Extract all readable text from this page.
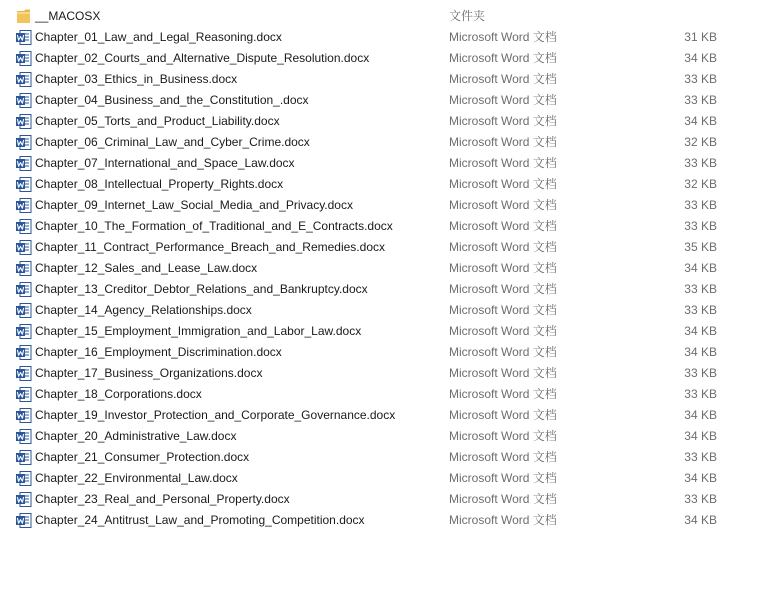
__MACOSX	文件夹
Chapter_01_Law_and_Legal_Reasoning.docx	Microsoft Word 文档	31 KB
Chapter_02_Courts_and_Alternative_Dispute_Resolution.docx	Microsoft Word 文档	34 KB
Chapter_03_Ethics_in_Business.docx	Microsoft Word 文档	33 KB
Chapter_04_Business_and_the_Constitution_.docx	Microsoft Word 文档	33 KB
Chapter_05_Torts_and_Product_Liability.docx	Microsoft Word 文档	34 KB
Chapter_06_Criminal_Law_and_Cyber_Crime.docx	Microsoft Word 文档	32 KB
Chapter_07_International_and_Space_Law.docx	Microsoft Word 文档	33 KB
Chapter_08_Intellectual_Property_Rights.docx	Microsoft Word 文档	32 KB
Chapter_09_Internet_Law_Social_Media_and_Privacy.docx	Microsoft Word 文档	33 KB
Chapter_10_The_Formation_of_Traditional_and_E_Contracts.docx	Microsoft Word 文档	33 KB
Chapter_11_Contract_Performance_Breach_and_Remedies.docx	Microsoft Word 文档	35 KB
Chapter_12_Sales_and_Lease_Law.docx	Microsoft Word 文档	34 KB
Chapter_13_Creditor_Debtor_Relations_and_Bankruptcy.docx	Microsoft Word 文档	33 KB
Chapter_14_Agency_Relationships.docx	Microsoft Word 文档	33 KB
Chapter_15_Employment_Immigration_and_Labor_Law.docx	Microsoft Word 文档	34 KB
Chapter_16_Employment_Discrimination.docx	Microsoft Word 文档	34 KB
Chapter_17_Business_Organizations.docx	Microsoft Word 文档	33 KB
Chapter_18_Corporations.docx	Microsoft Word 文档	33 KB
Chapter_19_Investor_Protection_and_Corporate_Governance.docx	Microsoft Word 文档	34 KB
Chapter_20_Administrative_Law.docx	Microsoft Word 文档	34 KB
Chapter_21_Consumer_Protection.docx	Microsoft Word 文档	33 KB
Chapter_22_Environmental_Law.docx	Microsoft Word 文档	34 KB
Chapter_23_Real_and_Personal_Property.docx	Microsoft Word 文档	33 KB
Chapter_24_Antitrust_Law_and_Promoting_Competition.docx	Microsoft Word 文档	34 KB
